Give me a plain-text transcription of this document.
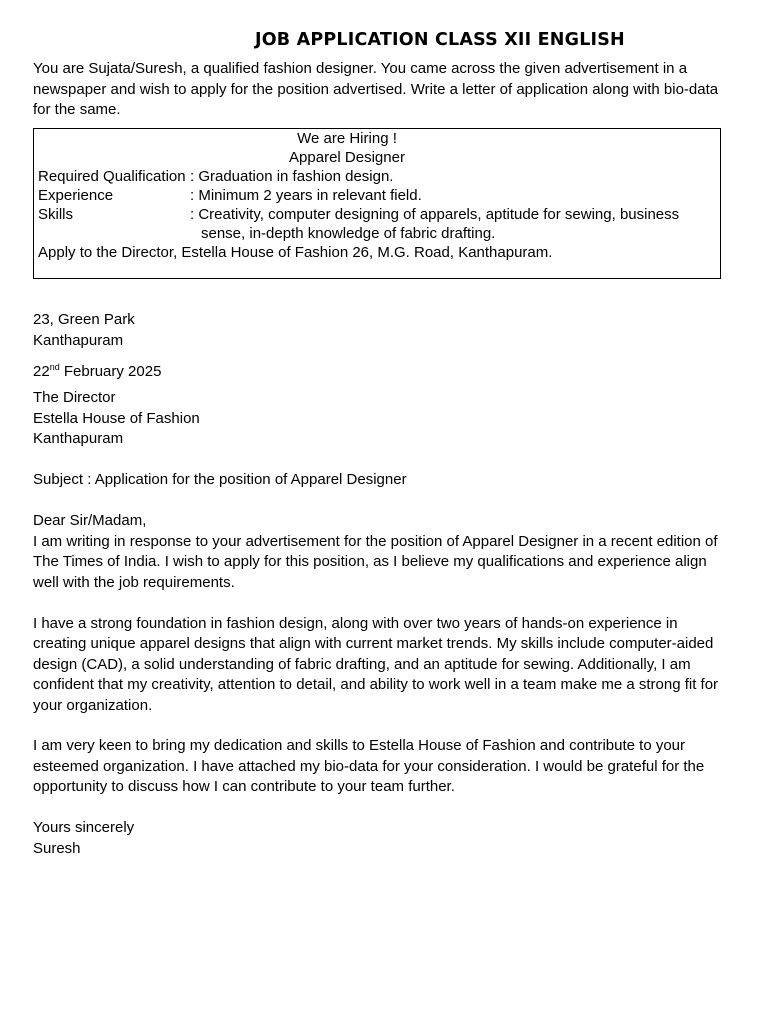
JOB APPLICATION CLASS XII ENGLISH
You are Sujata/Suresh, a qualified fashion designer. You came across the given advertisement in a newspaper and wish to apply for the position advertised. Write a letter of application along with bio-data for the same.
We are Hiring !
Apparel Designer
Required Qualification : Graduation in fashion design.
Experience	: Minimum 2 years in relevant field.
Skills	: Creativity, computer designing of apparels, aptitude for sewing, business
sense, in-depth knowledge of fabric drafting.
Apply to the Director, Estella House of Fashion 26, M.G. Road, Kanthapuram.
23, Green Park
Kanthapuram
22nd February 2025
The Director
Estella House of Fashion
Kanthapuram
Subject : Application for the position of Apparel Designer
Dear Sir/Madam,
I am writing in response to your advertisement for the position of Apparel Designer in a recent edition of The Times of India. I wish to apply for this position, as I believe my qualifications and experience align well with the job requirements.
I have a strong foundation in fashion design, along with over two years of hands-on experience in creating unique apparel designs that align with current market trends. My skills include computer-aided design (CAD), a solid understanding of fabric drafting, and an aptitude for sewing. Additionally, I am confident that my creativity, attention to detail, and ability to work well in a team make me a strong fit for your organization.
I am very keen to bring my dedication and skills to Estella House of Fashion and contribute to your esteemed organization. I have attached my bio-data for your consideration. I would be grateful for the opportunity to discuss how I can contribute to your team further.
Yours sincerely
Suresh
